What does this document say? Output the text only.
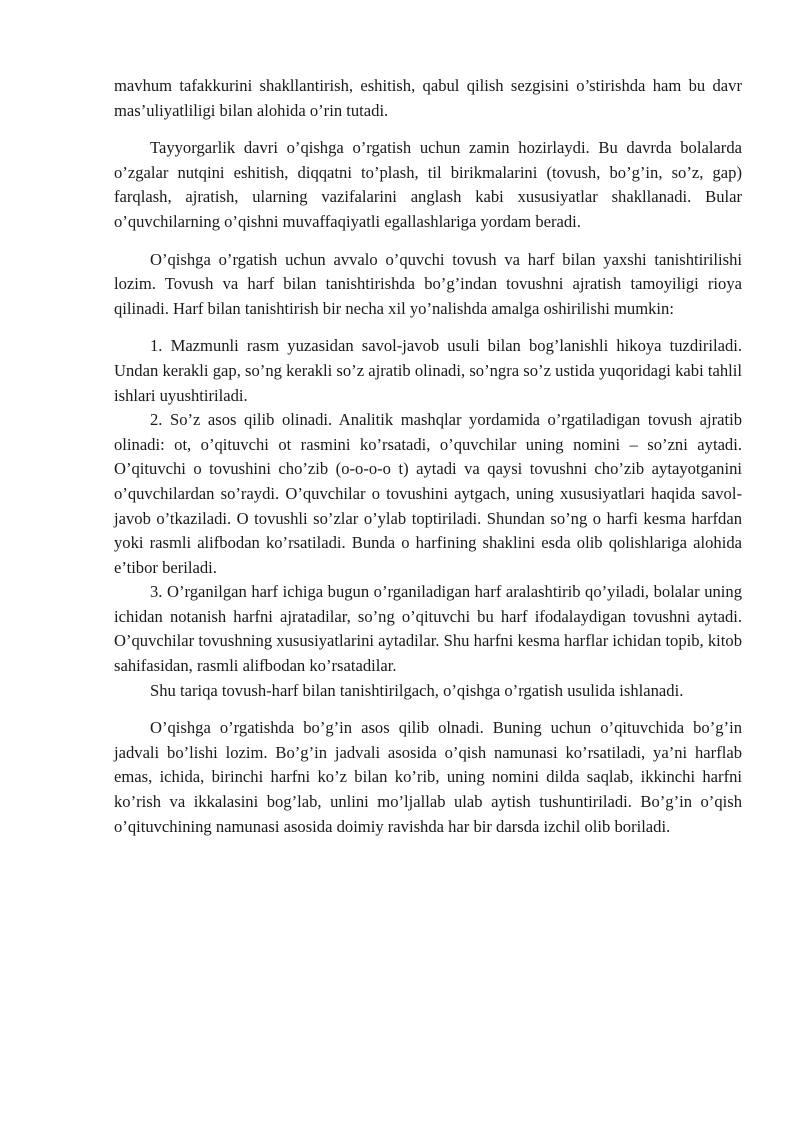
mavhum tafakkurini shakllantirish, eshitish, qabul qilish sezgisini o’stirishda ham bu davr mas’uliyatliligi bilan alohida o’rin tutadi.

Tayyorgarlik davri o’qishga o’rgatish uchun zamin hozirlaydi. Bu davrda bolalarda o’zgalar nutqini eshitish, diqqatni to’plash, til birikmalarini (tovush, bo’g’in, so’z, gap) farqlash, ajratish, ularning vazifalarini anglash kabi xususiyatlar shakllanadi. Bular o’quvchilarning o’qishni muvaffaqiyatli egallashlariga yordam beradi.

O’qishga o’rgatish uchun avvalo o’quvchi tovush va harf bilan yaxshi tanishtirilishi lozim. Tovush va harf bilan tanishtirishda bo’g’indan tovushni ajratish tamoyiligi rioya qilinadi. Harf bilan tanishtirish bir necha xil yo’nalishda amalga oshirilishi mumkin:

1. Mazmunli rasm yuzasidan savol-javob usuli bilan bog’lanishli hikoya tuzdiriladi. Undan kerakli gap, so’ng kerakli so’z ajratib olinadi, so’ngra so’z ustida yuqoridagi kabi tahlil ishlari uyushtiriladi.

2. So’z asos qilib olinadi. Analitik mashqlar yordamida o’rgatiladigan tovush ajratib olinadi: ot, o’qituvchi ot rasmini ko’rsatadi, o’quvchilar uning nomini – so’zni aytadi. O’qituvchi o tovushini cho’zib (o-o-o-o t) aytadi va qaysi tovushni cho’zib aytayotganini o’quvchilardan so’raydi. O’quvchilar o tovushini aytgach, uning xususiyatlari haqida savol-javob o’tkaziladi. O tovushli so’zlar o’ylab toptiriladi. Shundan so’ng o harfi kesma harfdan yoki rasmli alifbodan ko’rsatiladi. Bunda o harfining shaklini esda olib qolishlariga alohida e’tibor beriladi.

3. O’rganilgan harf ichiga bugun o’rganiladigan harf aralashtirib qo’yiladi, bolalar uning ichidan notanish harfni ajratadilar, so’ng o’qituvchi bu harf ifodalaydigan tovushni aytadi. O’quvchilar tovushning xususiyatlarini aytadilar. Shu harfni kesma harflar ichidan topib, kitob sahifasidan, rasmli alifbodan ko’rsatadilar.

Shu tariqa tovush-harf bilan tanishtirilgach, o’qishga o’rgatish usulida ishlanadi.

O’qishga o’rgatishda bo’g’in asos qilib olnadi. Buning uchun o’qituvchida bo’g’in jadvali bo’lishi lozim. Bo’g’in jadvali asosida o’qish namunasi ko’rsatiladi, ya’ni harflab emas, ichida, birinchi harfni ko’z bilan ko’rib, uning nomini dilda saqlab, ikkinchi harfni ko’rish va ikkalasini bog’lab, unlini mo’ljallab ulab aytish tushuntiriladi. Bo’g’in o’qish o’qituvchining namunasi asosida doimiy ravishda har bir darsda izchil olib boriladi.
